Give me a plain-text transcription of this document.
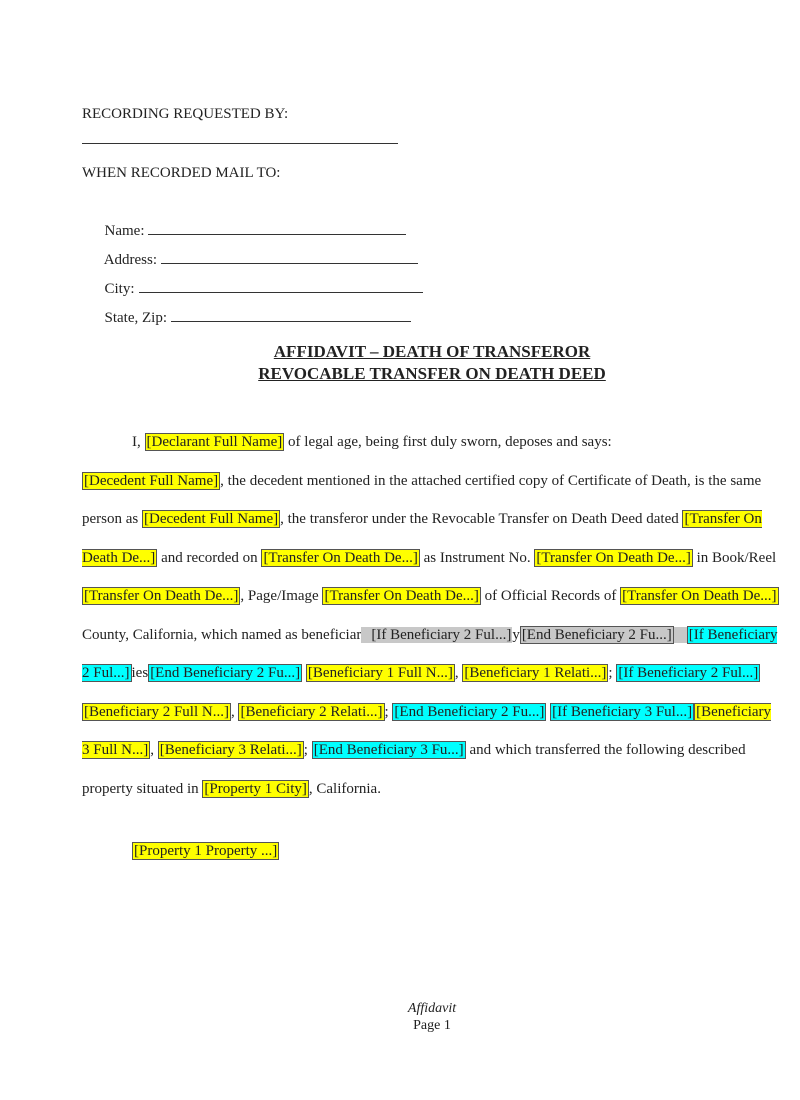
RECORDING REQUESTED BY:
WHEN RECORDED MAIL TO:

Name:

Address:

City:

State, Zip:

AFFIDAVIT – DEATH OF TRANSFEROR
REVOCABLE TRANSFER ON DEATH DEED

I, [Declarant Full Name] of legal age, being first duly sworn, deposes and says:

[Decedent Full Name] , the decedent mentioned in the attached certified copy of Certificate of Death, is the same person as [Decedent Full Name] , the transferor under the Revocable Transfer on Death Deed dated [Transfer On Death De...] and recorded on [Transfer On Death De...] as Instrument No. [Transfer On Death De...] in Book/Reel [Transfer On Death De...] , Page/Image [Transfer On Death De...] of Official Records of [Transfer On Death De...] County, California, which named as beneficiar [If Beneficiary 2 Ful...]y [End Beneficiary 2 Fu...] [If Beneficiary 2 Ful...] ies [End Beneficiary 2 Fu...] [Beneficiary 1 Full N...] , [Beneficiary 1 Relati...] ; [If Beneficiary 2 Ful...][Beneficiary 2 Full N...] , [Beneficiary 2 Relati...] ; [End Beneficiary 2 Fu...] [If Beneficiary 3 Ful...] [Beneficiary 3 Full N...] , [Beneficiary 3 Relati...] ; [End Beneficiary 3 Fu...] and which transferred the following described property situated in [Property 1 City] , California.

[Property 1 Property ...]
Affidavit
Page 1
